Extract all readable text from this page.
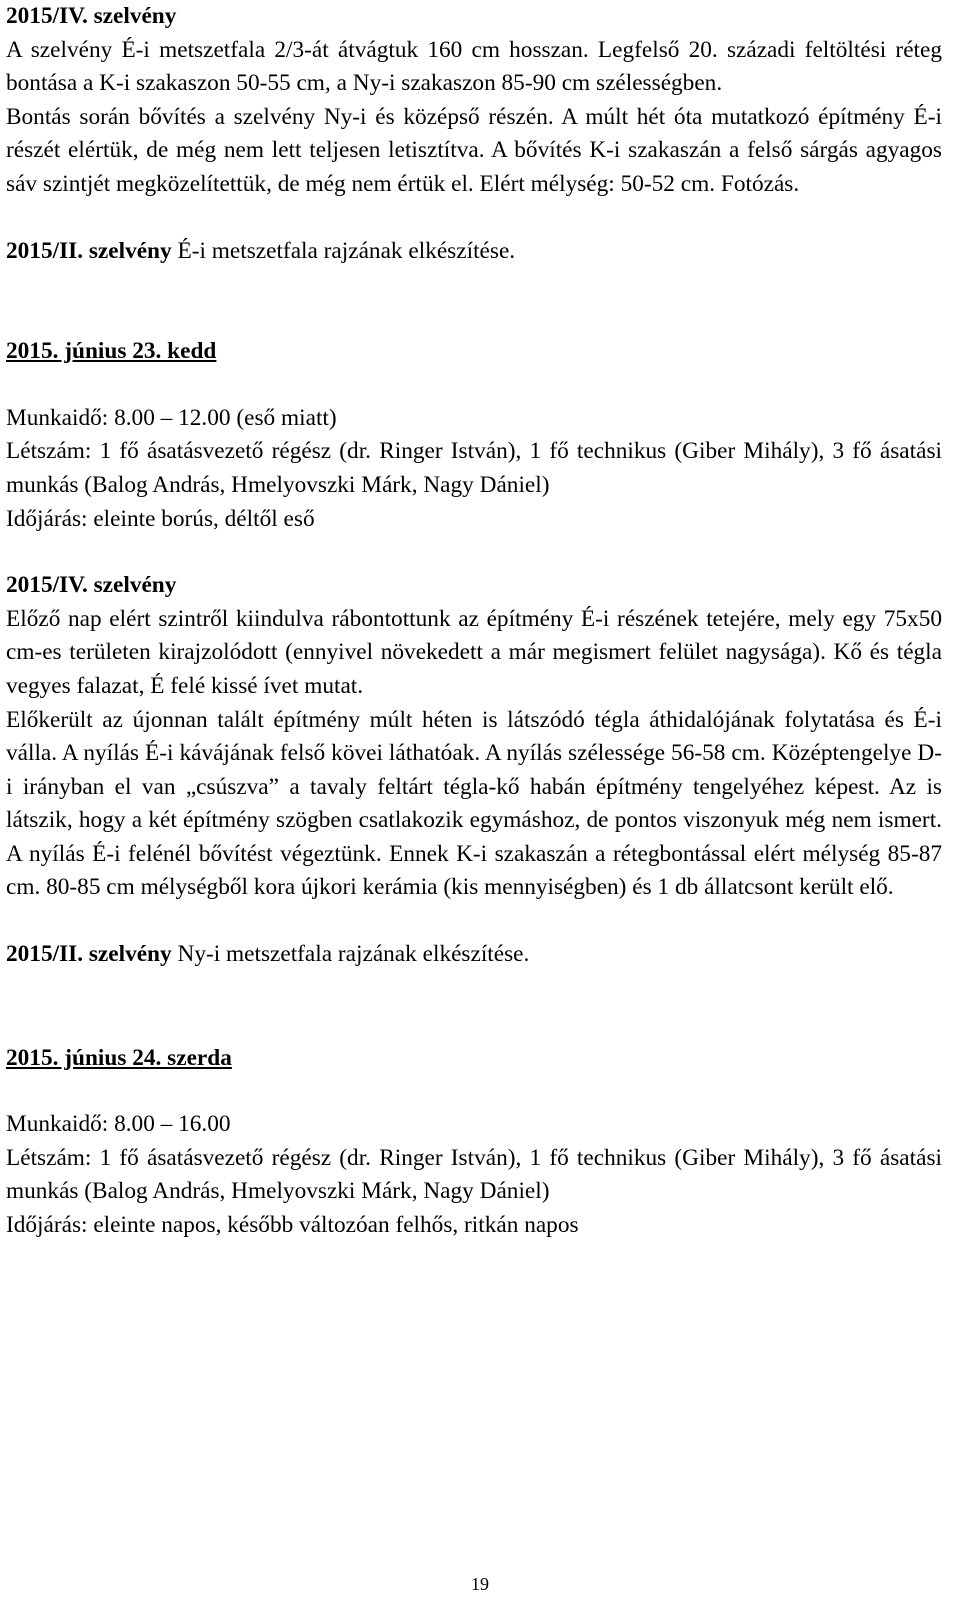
2015/IV. szelvény

A szelvény É-i metszetfala 2/3-át átvágtuk 160 cm hosszan. Legfelső 20. századi feltöltési réteg bontása a K-i szakaszon 50-55 cm, a Ny-i szakaszon 85-90 cm szélességben.

Bontás során bővítés a szelvény Ny-i és középső részén. A múlt hét óta mutatkozó építmény É-i részét elértük, de még nem lett teljesen letisztítva. A bővítés K-i szakaszán a felső sárgás agyagos sáv szintjét megközelítettük, de még nem értük el. Elért mélység: 50-52 cm. Fotózás.

2015/II. szelvény É-i metszetfala rajzának elkészítése.

2015. június 23. kedd

Munkaidő: 8.00 – 12.00 (eső miatt)

Létszám: 1 fő ásatásvezető régész (dr. Ringer István), 1 fő technikus (Giber Mihály), 3 fő ásatási munkás (Balog András, Hmelyovszki Márk, Nagy Dániel)

Időjárás: eleinte borús, déltől eső

2015/IV. szelvény

Előző nap elért szintről kiindulva rábontottunk az építmény É-i részének tetejére, mely egy 75x50 cm-es területen kirajzolódott (ennyivel növekedett a már megismert felület nagysága). Kő és tégla vegyes falazat, É felé kissé ívet mutat.

Előkerült az újonnan talált építmény múlt héten is látszódó tégla áthidalójának folytatása és É-i válla. A nyílás É-i kávájának felső kövei láthatóak. A nyílás szélessége 56-58 cm. Középtengelye D-i irányban el van „csúszva” a tavaly feltárt tégla-kő habán építmény tengelyéhez képest. Az is látszik, hogy a két építmény szögben csatlakozik egymáshoz, de pontos viszonyuk még nem ismert. A nyílás É-i felénél bővítést végeztünk. Ennek K-i szakaszán a rétegbontással elért mélység 85-87 cm. 80-85 cm mélységből kora újkori kerámia (kis mennyiségben) és 1 db állatcsont került elő.

2015/II. szelvény Ny-i metszetfala rajzának elkészítése.

2015. június 24. szerda

Munkaidő: 8.00 – 16.00

Létszám: 1 fő ásatásvezető régész (dr. Ringer István), 1 fő technikus (Giber Mihály), 3 fő ásatási munkás (Balog András, Hmelyovszki Márk, Nagy Dániel)

Időjárás: eleinte napos, később változóan felhős, ritkán napos

19
